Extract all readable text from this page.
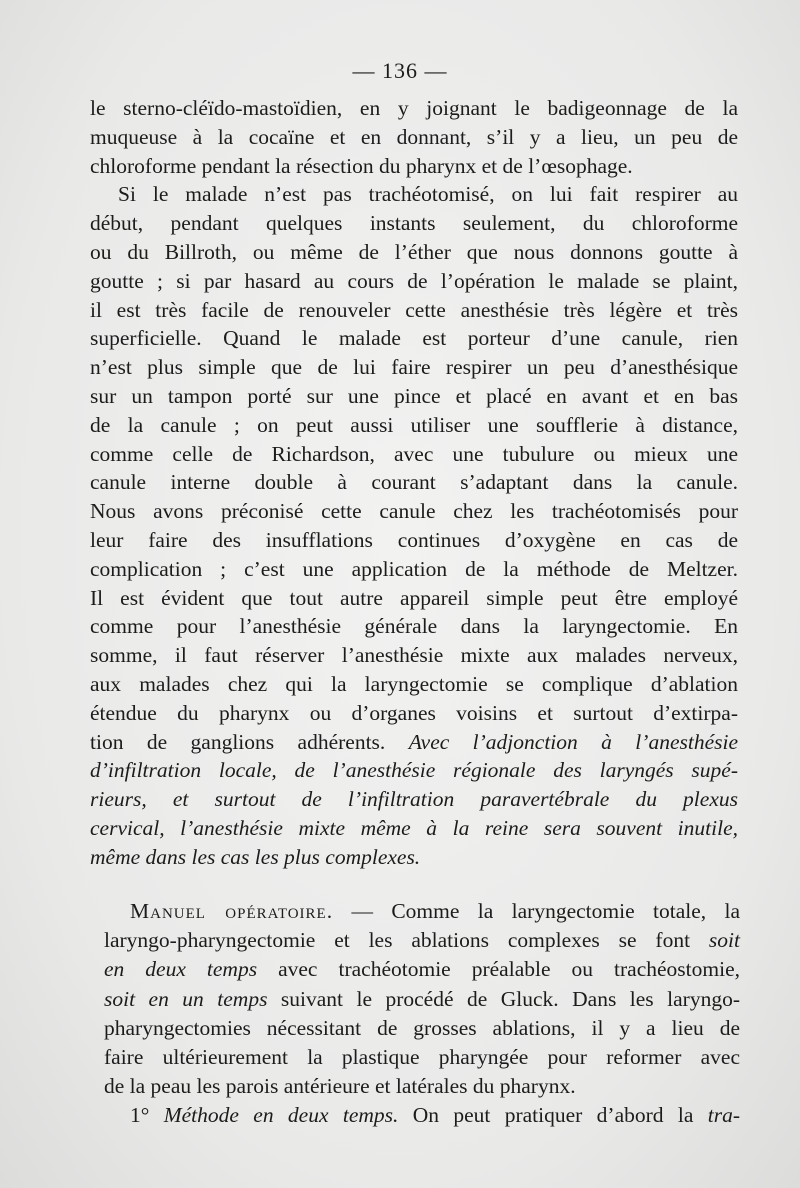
— 136 —
le sterno-cléïdo-mastoïdien, en y joignant le badigeonnage de la
muqueuse à la cocaïne et en donnant, s’il y a lieu, un peu de
chloroforme pendant la résection du pharynx et de l’œsophage.
Si le malade n’est pas trachéotomisé, on lui fait respirer au
début, pendant quelques instants seulement, du chloroforme
ou du Billroth, ou même de l’éther que nous donnons goutte à
goutte ; si par hasard au cours de l’opération le malade se plaint,
il est très facile de renouveler cette anesthésie très légère et très
superficielle. Quand le malade est porteur d’une canule, rien
n’est plus simple que de lui faire respirer un peu d’anesthésique
sur un tampon porté sur une pince et placé en avant et en bas
de la canule ; on peut aussi utiliser une soufflerie à distance,
comme celle de Richardson, avec une tubulure ou mieux une
canule interne double à courant s’adaptant dans la canule.
Nous avons préconisé cette canule chez les trachéotomisés pour
leur faire des insufflations continues d’oxygène en cas de
complication ; c’est une application de la méthode de Meltzer.
Il est évident que tout autre appareil simple peut être employé
comme pour l’anesthésie générale dans la laryngectomie. En
somme, il faut réserver l’anesthésie mixte aux malades nerveux,
aux malades chez qui la laryngectomie se complique d’ablation
étendue du pharynx ou d’organes voisins et surtout d’extirpa-
tion de ganglions adhérents. Avec l’adjonction à l’anesthésie
d’infiltration locale, de l’anesthésie régionale des laryngés supé-
rieurs, et surtout de l’infiltration paravertébrale du plexus
cervical, l’anesthésie mixte même à la reine sera souvent inutile,
même dans les cas les plus complexes.
Manuel opératoire. — Comme la laryngectomie totale, la
laryngo-pharyngectomie et les ablations complexes se font soit
en deux temps avec trachéotomie préalable ou trachéostomie,
soit en un temps suivant le procédé de Gluck. Dans les laryngo-
pharyngectomies nécessitant de grosses ablations, il y a lieu de
faire ultérieurement la plastique pharyngée pour reformer avec
de la peau les parois antérieure et latérales du pharynx.
1° Méthode en deux temps. On peut pratiquer d’abord la tra-
